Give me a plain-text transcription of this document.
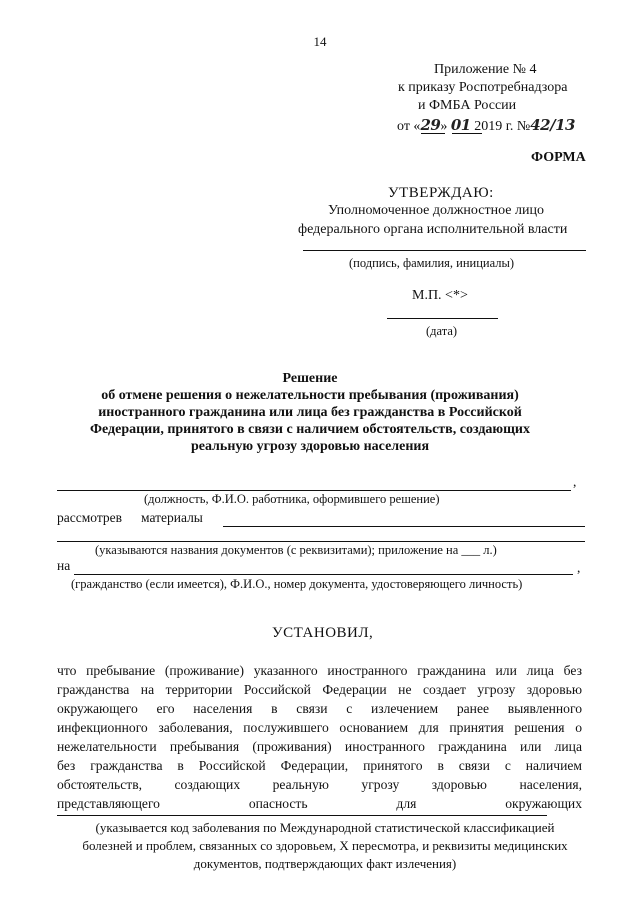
14
Приложение № 4
к приказу Роспотребнадзора
и ФМБА России
от «29» 01 2019 г. №42/13
ФОРМА
УТВЕРЖДАЮ:
Уполномоченное должностное лицо
федерального органа исполнительной власти
(подпись, фамилия, инициалы)
М.П. <*>
(дата)
Решение
об отмене решения о нежелательности пребывания (проживания)
иностранного гражданина или лица без гражданства в Российской
Федерации, принятого в связи с наличием обстоятельств, создающих
реальную угрозу здоровью населения
,
(должность, Ф.И.О. работника, оформившего решение)
рассмотрев материалы
(указываются названия документов (с реквизитами); приложение на ___ л.)
на	,
(гражданство (если имеется), Ф.И.О., номер документа, удостоверяющего личность)
УСТАНОВИЛ,
что пребывание (проживание) указанного иностранного гражданина или лица без
гражданства на территории Российской Федерации не создает угрозу здоровью
окружающего его населения в связи с излечением ранее выявленного
инфекционного заболевания, послужившего основанием для принятия решения о
нежелательности пребывания (проживания) иностранного гражданина или лица
без гражданства в Российской Федерации, принятого в связи с наличием
обстоятельств, создающих реальную угрозу здоровью населения,
представляющего опасность для окружающих
(указывается код заболевания по Международной статистической классификацией
болезней и проблем, связанных со здоровьем, X пересмотра, и реквизиты медицинских
документов, подтверждающих факт излечения)
